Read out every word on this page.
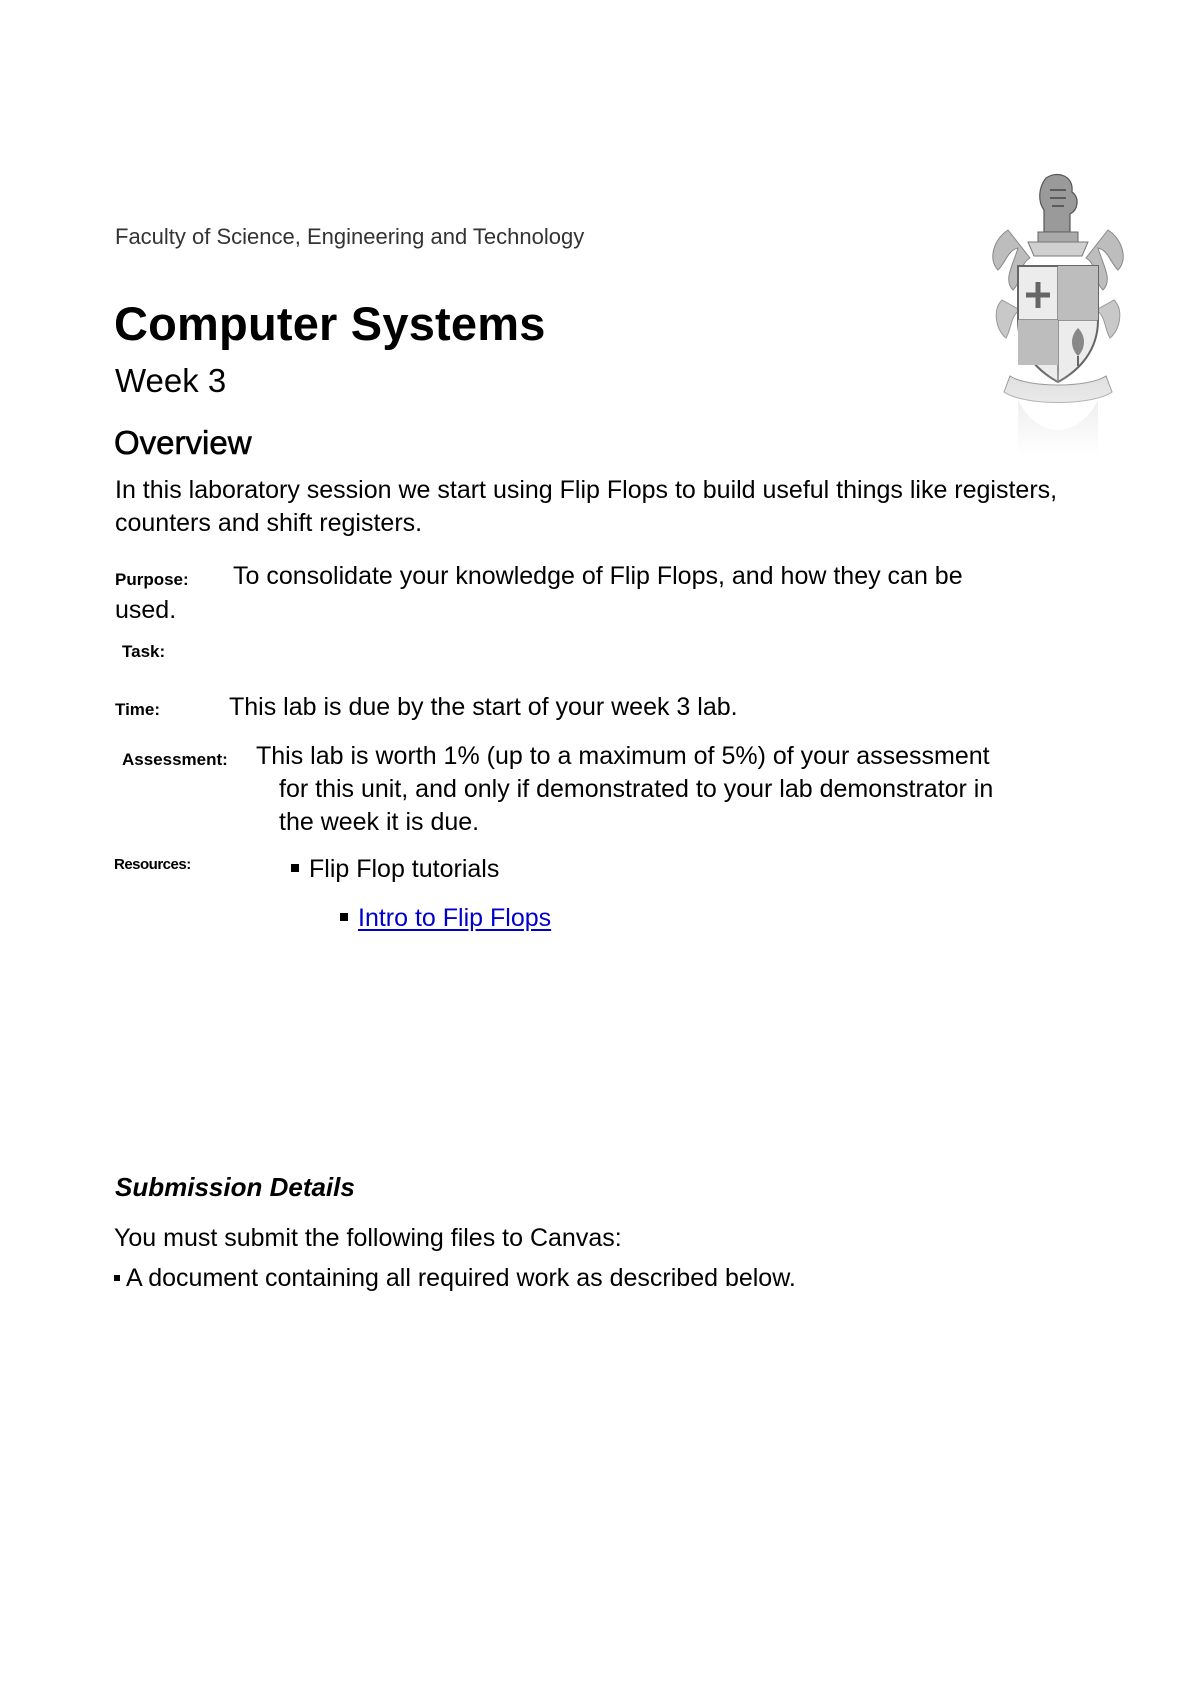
Faculty of Science, Engineering and Technology
Computer Systems
Week 3
Overview
In this laboratory session we start using Flip Flops to build useful things like registers, counters and shift registers.
Purpose: To consolidate your knowledge of Flip Flops, and how they can be
used.
Task:
Time:	This lab is due by the start of your week 3 lab.
Assessment: This lab is worth 1% (up to a maximum of 5%) of your assessment
for this unit, and only if demonstrated to your lab demonstrator in
the week it is due.
Resources:	Flip Flop tutorials
Intro to Flip Flops
Submission Details
You must submit the following files to Canvas:
A document containing all required work as described below.
